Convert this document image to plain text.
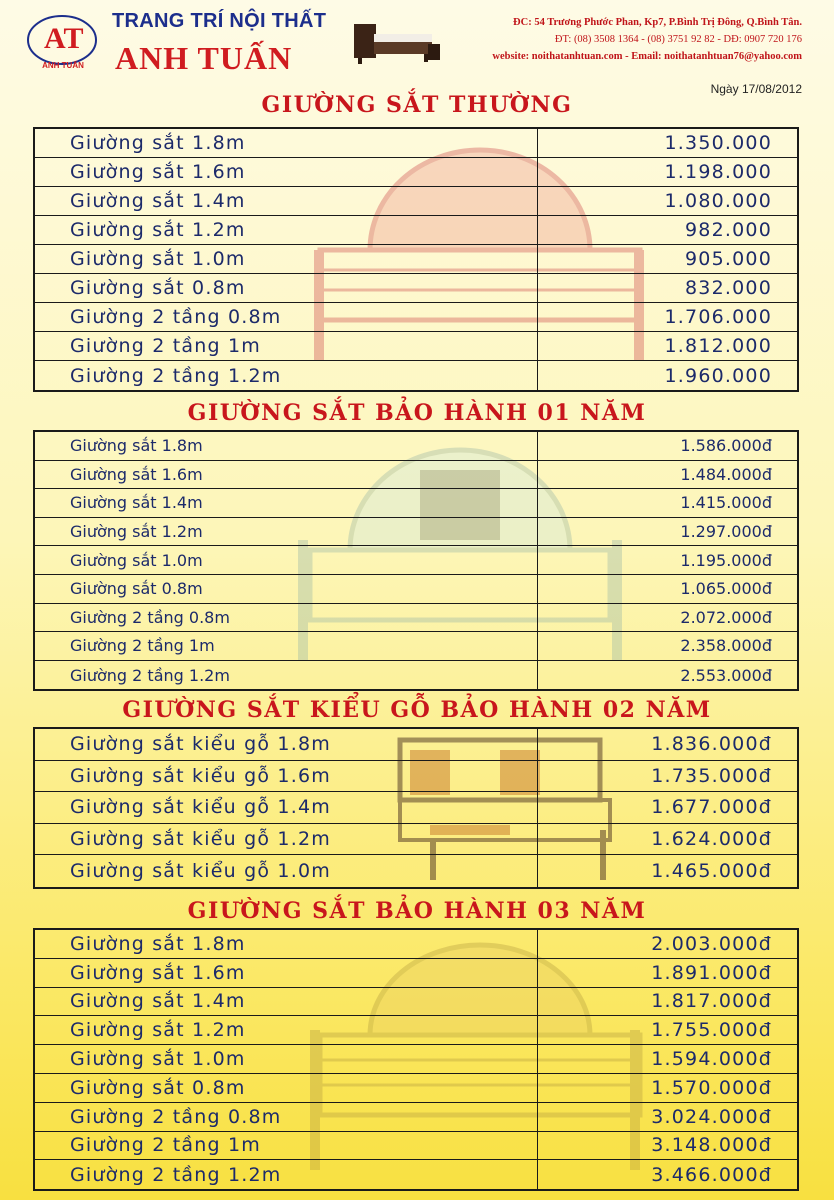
AT
ANH TUẤN
TRANG TRÍ NỘI THẤT
ANH TUẤN
ĐC: 54 Trương Phước Phan, Kp7, P.Bình Trị Đông, Q.Bình Tân.
ĐT: (08) 3508 1364 - (08) 3751 92 82 - DĐ: 0907 720 176
website: noithatanhtuan.com - Email: noithatanhtuan76@yahoo.com
Ngày 17/08/2012
GIƯỜNG SẮT THƯỜNG
Giường sắt 1.8m	1.350.000
Giường sắt 1.6m	1.198.000
Giường sắt 1.4m	1.080.000
Giường sắt 1.2m	982.000
Giường sắt 1.0m	905.000
Giường sắt 0.8m	832.000
Giường 2 tầng 0.8m	1.706.000
Giường 2 tầng 1m	1.812.000
Giường 2 tầng 1.2m	1.960.000
GIƯỜNG SẮT BẢO HÀNH 01 NĂM
Giường sắt 1.8m	1.586.000đ
Giường sắt 1.6m	1.484.000đ
Giường sắt 1.4m	1.415.000đ
Giường sắt 1.2m	1.297.000đ
Giường sắt 1.0m	1.195.000đ
Giường sắt 0.8m	1.065.000đ
Giường 2 tầng 0.8m	2.072.000đ
Giường 2 tầng 1m	2.358.000đ
Giường 2 tầng 1.2m	2.553.000đ
GIƯỜNG SẮT KIỂU GỖ BẢO HÀNH 02 NĂM
Giường sắt kiểu gỗ 1.8m	1.836.000đ
Giường sắt kiểu gỗ 1.6m	1.735.000đ
Giường sắt kiểu gỗ 1.4m	1.677.000đ
Giường sắt kiểu gỗ 1.2m	1.624.000đ
Giường sắt kiểu gỗ 1.0m	1.465.000đ
GIƯỜNG SẮT BẢO HÀNH 03 NĂM
Giường sắt 1.8m	2.003.000đ
Giường sắt 1.6m	1.891.000đ
Giường sắt 1.4m	1.817.000đ
Giường sắt 1.2m	1.755.000đ
Giường sắt 1.0m	1.594.000đ
Giường sắt 0.8m	1.570.000đ
Giường 2 tầng 0.8m	3.024.000đ
Giường 2 tầng 1m	3.148.000đ
Giường 2 tầng 1.2m	3.466.000đ
